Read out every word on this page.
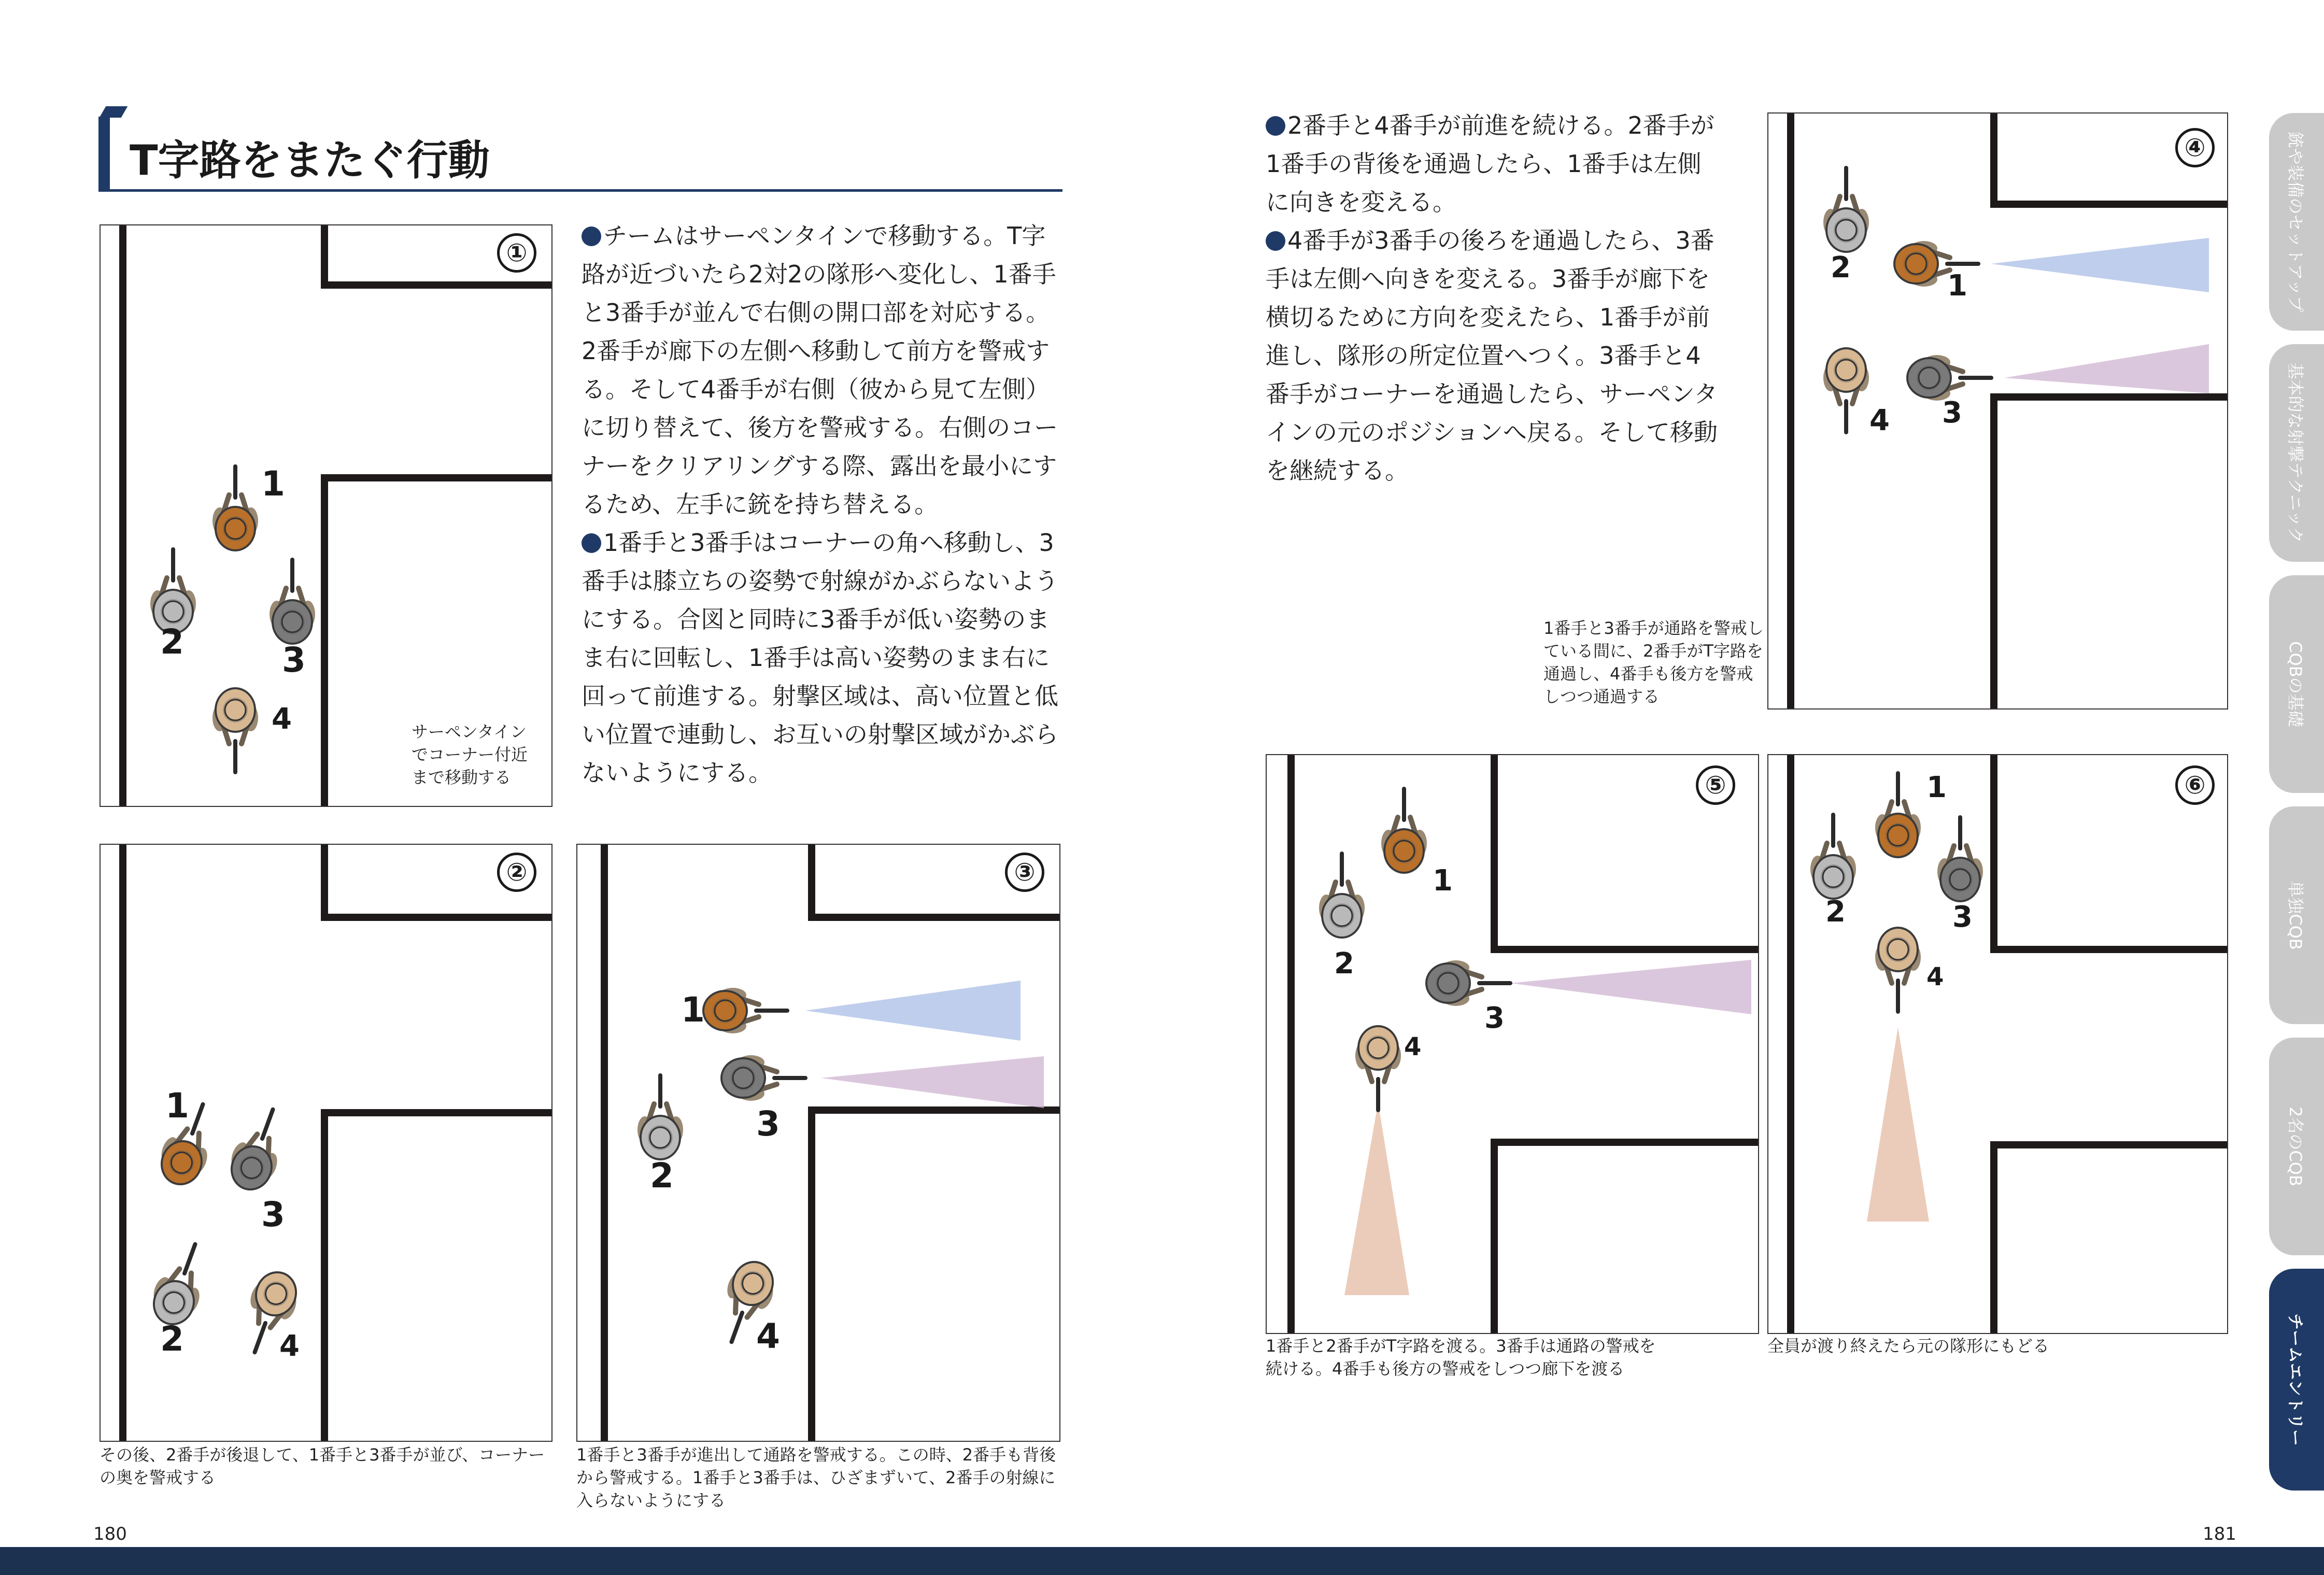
T字路をまたぐ行動
①
1
2	3
4	サーペンタインでコーナー付近まで移動する

チームはサーペンタインで移動する。T字路が近づいたら2対2の隊形へ変化し、1番手と3番手が並んで右側の開口部を対応する。2番手が廊下の左側へ移動して前方を警戒する。そして4番手が右側（彼から見て左側）に切り替えて、後方を警戒する。右側のコーナーをクリアリングする際、露出を最小にするため、左手に銃を持ち替える。

1番手と3番手はコーナーの角へ移動し、3番手は膝立ちの姿勢で射線がかぶらないようにする。合図と同時に3番手が低い姿勢のまま右に回転し、1番手は高い姿勢のまま右に回って前進する。射撃区域は、高い位置と低い位置で連動し、お互いの射撃区域がかぶらないようにする。

②
1
2
3
4
その後、2番手が後退して、1番手と3番手が並び、コーナーの奥を警戒する
③
1
2
3
4
1番手と3番手が進出して通路を警戒する。この時、2番手も背後から警戒する。1番手と3番手は、ひざまずいて、2番手の射線に入らないようにする
180

2番手と4番手が前進を続ける。2番手が1番手の背後を通過したら、1番手は左側に向きを変える。

4番手が3番手の後ろを通過したら、3番手は左側へ向きを変える。3番手が廊下を横切るために方向を変えたら、1番手が前進し、隊形の所定位置へつく。3番手と4番手がコーナーを通過したら、サーペンタインの元のポジションへ戻る。そして移動を継続する。

④
1
2
3
4
1番手と3番手が通路を警戒している間に、2番手がT字路を通過し、4番手も後方を警戒しつつ通過する
⑤
1
2
3
4
1番手と2番手がT字路を渡る。3番手は通路の警戒を続ける。4番手も後方の警戒をしつつ廊下を渡る
⑥
1
2	3
4
全員が渡り終えたら元の隊形にもどる
181
銃や装備のセットアップ
基本的な射撃テクニック
CQBの基礎
単独CQB
2名のCQB
チームエントリー
